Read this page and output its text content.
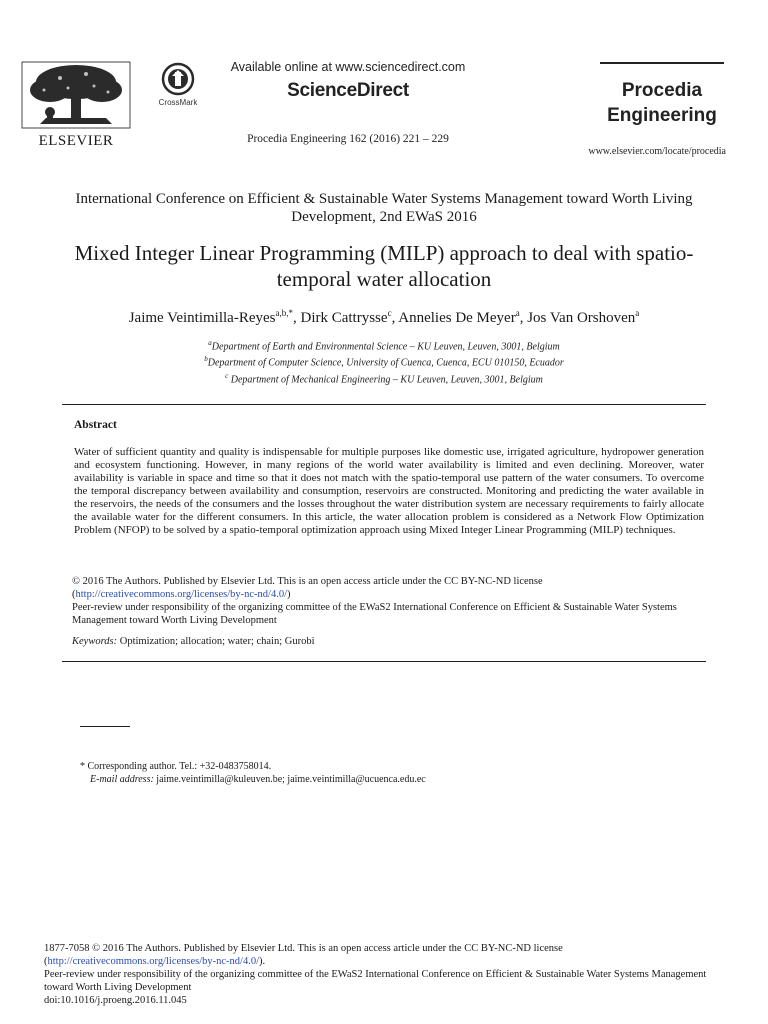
ELSEVIER
CrossMark
Available online at www.sciencedirect.com
ScienceDirect
Procedia Engineering 162 (2016) 221 – 229
Procedia
Engineering
www.elsevier.com/locate/procedia
International Conference on Efficient & Sustainable Water Systems Management toward Worth Living Development, 2nd EWaS 2016
Mixed Integer Linear Programming (MILP) approach to deal with spatio-temporal water allocation
Jaime Veintimilla-Reyes$^{a,b,*}$, Dirk Cattrysse$^c$, Annelies De Meyer$^a$, Jos Van Orshoven$^a$
$^a$Department of Earth and Environmental Science – KU Leuven, Leuven, 3001, Belgium
$^b$Department of Computer Science, University of Cuenca, Cuenca, ECU 010150, Ecuador
$^c$ Department of Mechanical Engineering – KU Leuven, Leuven, 3001, Belgium
Abstract
Water of sufficient quantity and quality is indispensable for multiple purposes like domestic use, irrigated agriculture, hydropower generation and ecosystem functioning. However, in many regions of the world water availability is limited and even declining. Moreover, water availability is variable in space and time so that it does not match with the spatio-temporal use pattern of the water consumers. To overcome the temporal discrepancy between availability and consumption, reservoirs are constructed. Monitoring and predicting the water available in the reservoirs, the needs of the consumers and the losses throughout the water distribution system are necessary requirements to fairly allocate the available water for the different consumers. In this article, the water allocation problem is considered as a Network Flow Optimization Problem (NFOP) to be solved by a spatio-temporal optimization approach using Mixed Integer Linear Programming (MILP) techniques.
© 2016 The Authors. Published by Elsevier Ltd. This is an open access article under the CC BY-NC-ND license
(http://creativecommons.org/licenses/by-nc-nd/4.0/)
Peer-review under responsibility of the organizing committee of the EWaS2 International Conference on Efficient & Sustainable Water Systems Management toward Worth Living Development
Keywords: Optimization; allocation; water; chain; Gurobi
* Corresponding author. Tel.: +32-0483758014.
E-mail address: jaime.veintimilla@kuleuven.be; jaime.veintimilla@ucuenca.edu.ec
1877-7058 © 2016 The Authors. Published by Elsevier Ltd. This is an open access article under the CC BY-NC-ND license
(http://creativecommons.org/licenses/by-nc-nd/4.0/).
Peer-review under responsibility of the organizing committee of the EWaS2 International Conference on Efficient & Sustainable Water Systems Management toward Worth Living Development
doi:10.1016/j.proeng.2016.11.045
